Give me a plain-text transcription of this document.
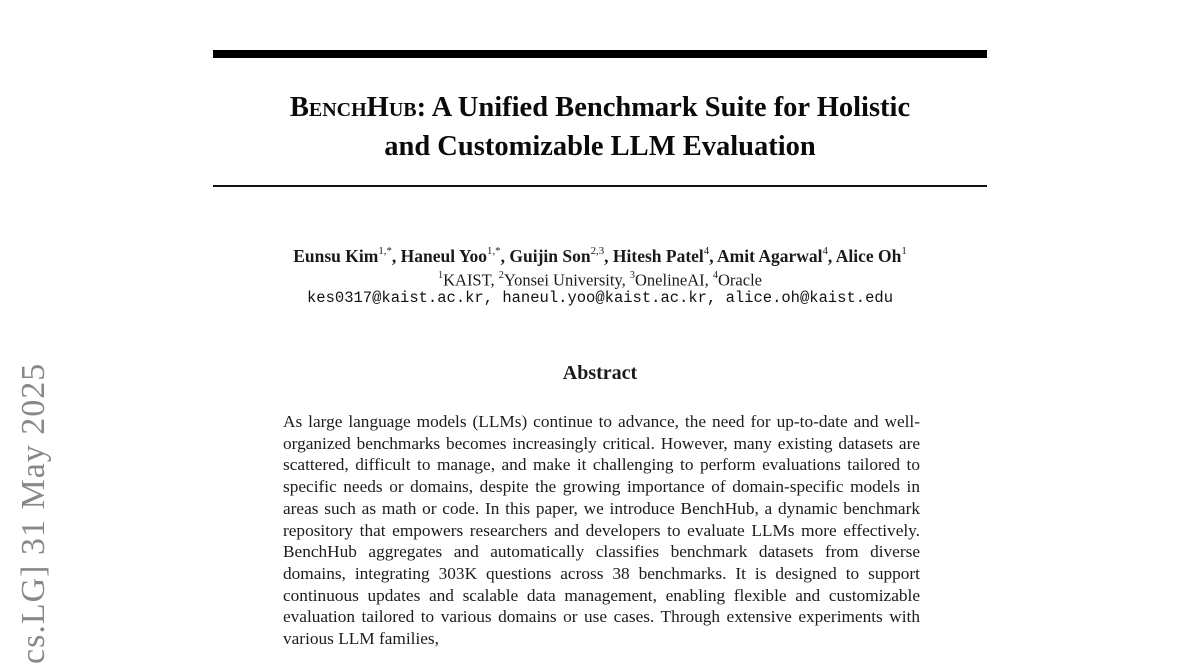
cs.LG] 31 May 2025
BenchHub: A Unified Benchmark Suite for Holistic
and Customizable LLM Evaluation
Eunsu Kim$^{1,*}$, Haneul Yoo$^{1,*}$, Guijin Son$^{2,3}$, Hitesh Patel$^4$, Amit Agarwal$^4$, Alice Oh$^1$
$^1$KAIST, $^2$Yonsei University, $^3$OnelineAI, $^4$Oracle
kes0317@kaist.ac.kr, haneul.yoo@kaist.ac.kr, alice.oh@kaist.edu
Abstract
As large language models (LLMs) continue to advance, the need for up-to-date and well-organized benchmarks becomes increasingly critical. However, many existing datasets are scattered, difficult to manage, and make it challenging to perform evaluations tailored to specific needs or domains, despite the growing importance of domain-specific models in areas such as math or code. In this paper, we introduce BenchHub, a dynamic benchmark repository that empowers researchers and developers to evaluate LLMs more effectively. BenchHub aggregates and automatically classifies benchmark datasets from diverse domains, integrating 303K questions across 38 benchmarks. It is designed to support continuous updates and scalable data management, enabling flexible and customizable evaluation tailored to various domains or use cases. Through extensive experiments with various LLM families,
